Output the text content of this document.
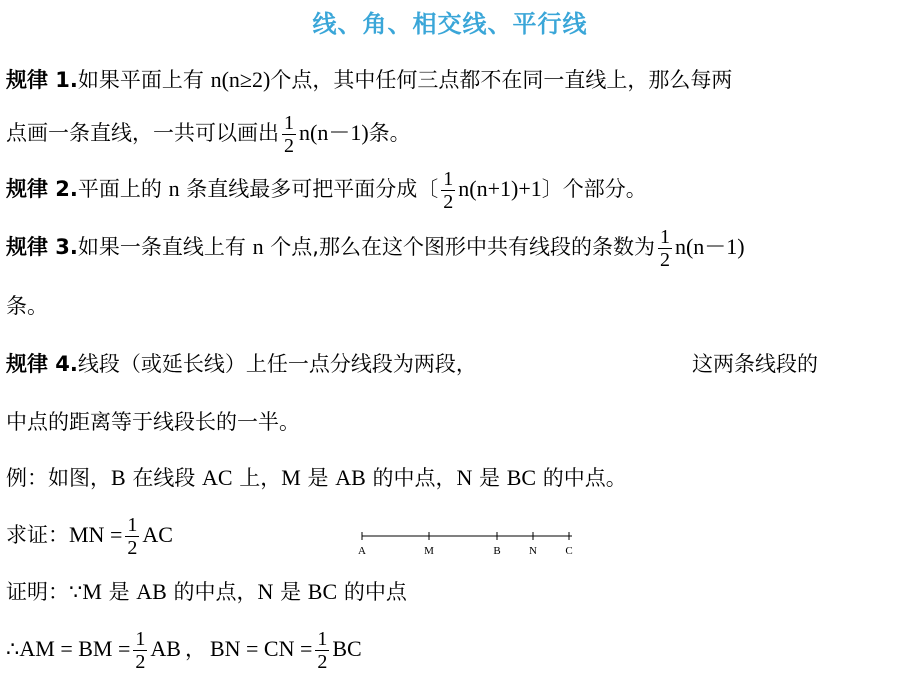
线、角、相交线、平行线
规律 1.如果平面上有 n(n≥2)个点，其中任何三点都不在同一直线上，那么每两
点画一条直线，一共可以画出 $\frac{1}{2} n(n-1)$条。
规律 2.平面上的 n 条直线最多可把平面分成〔 $\frac{1}{2} n(n+1)+1$〕个部分。
规律 3.如果一条直线上有 n 个点,那么在这个图形中共有线段的条数为 $\frac{1}{2} n(n-1)$
条。
规律 4.线段（或延长线）上任一点分线段为两段，	这两条线段的
中点的距离等于线段长的一半。
例：如图，B 在线段 AC 上，M 是 AB 的中点，N 是 BC 的中点。
求证：MN = $\frac{1}{2}$ AC
A	M	B	N	C
证明：∵M 是 AB 的中点，N 是 BC 的中点
∴AM = BM = $\frac{1}{2}$ AB ， BN = CN = $\frac{1}{2}$ BC
